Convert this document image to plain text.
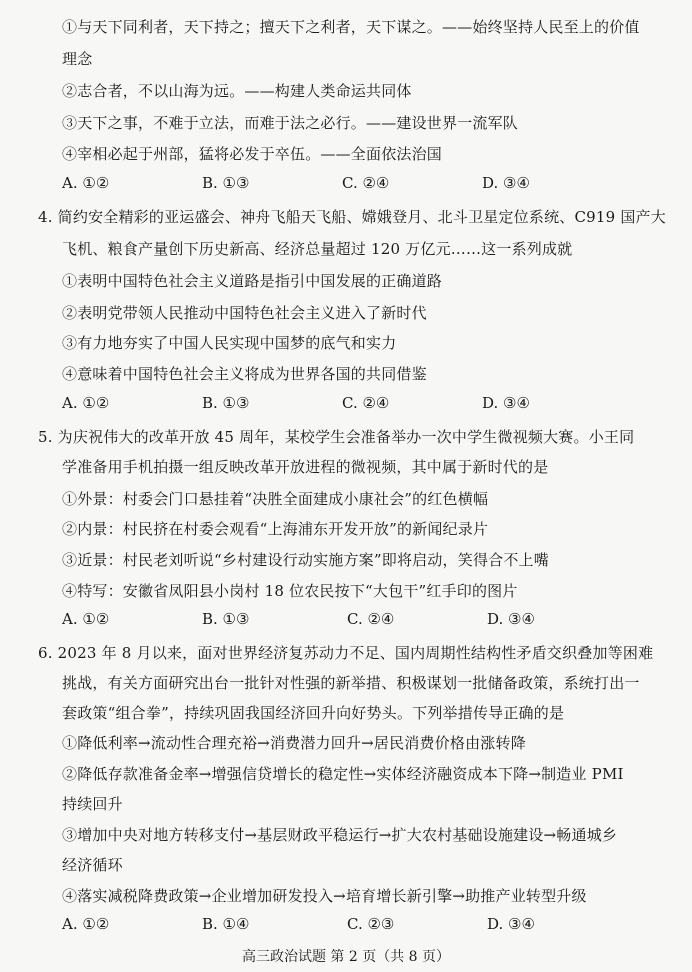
①与天下同利者，天下持之；擅天下之利者，天下谋之。——始终坚持人民至上的价值
理念
②志合者，不以山海为远。——构建人类命运共同体
③天下之事，不难于立法，而难于法之必行。——建设世界一流军队
④宰相必起于州部，猛将必发于卒伍。——全面依法治国
A. ①②	B. ①③	C. ②④	D. ③④
4. 简约安全精彩的亚运盛会、神舟飞船天飞船、嫦娥登月、北斗卫星定位系统、C919 国产大
飞机、粮食产量创下历史新高、经济总量超过 120 万亿元……这一系列成就
①表明中国特色社会主义道路是指引中国发展的正确道路
②表明党带领人民推动中国特色社会主义进入了新时代
③有力地夯实了中国人民实现中国梦的底气和实力
④意味着中国特色社会主义将成为世界各国的共同借鉴
A. ①②	B. ①③	C. ②④	D. ③④
5. 为庆祝伟大的改革开放 45 周年，某校学生会准备举办一次中学生微视频大赛。小王同
学准备用手机拍摄一组反映改革开放进程的微视频，其中属于新时代的是
①外景：村委会门口悬挂着“决胜全面建成小康社会”的红色横幅
②内景：村民挤在村委会观看“上海浦东开发开放”的新闻纪录片
③近景：村民老刘听说“乡村建设行动实施方案”即将启动，笑得合不上嘴
④特写：安徽省凤阳县小岗村 18 位农民按下“大包干”红手印的图片
A. ①②	B. ①③	C. ②④	D. ③④
6. 2023 年 8 月以来，面对世界经济复苏动力不足、国内周期性结构性矛盾交织叠加等困难
挑战，有关方面研究出台一批针对性强的新举措、积极谋划一批储备政策，系统打出一
套政策“组合拳”，持续巩固我国经济回升向好势头。下列举措传导正确的是
①降低利率→流动性合理充裕→消费潜力回升→居民消费价格由涨转降
②降低存款准备金率→增强信贷增长的稳定性→实体经济融资成本下降→制造业 PMI
持续回升
③增加中央对地方转移支付→基层财政平稳运行→扩大农村基础设施建设→畅通城乡
经济循环
④落实减税降费政策→企业增加研发投入→培育增长新引擎→助推产业转型升级
A. ①②	B. ①④	C. ②③	D. ③④
高三政治试题 第 2 页（共 8 页）
